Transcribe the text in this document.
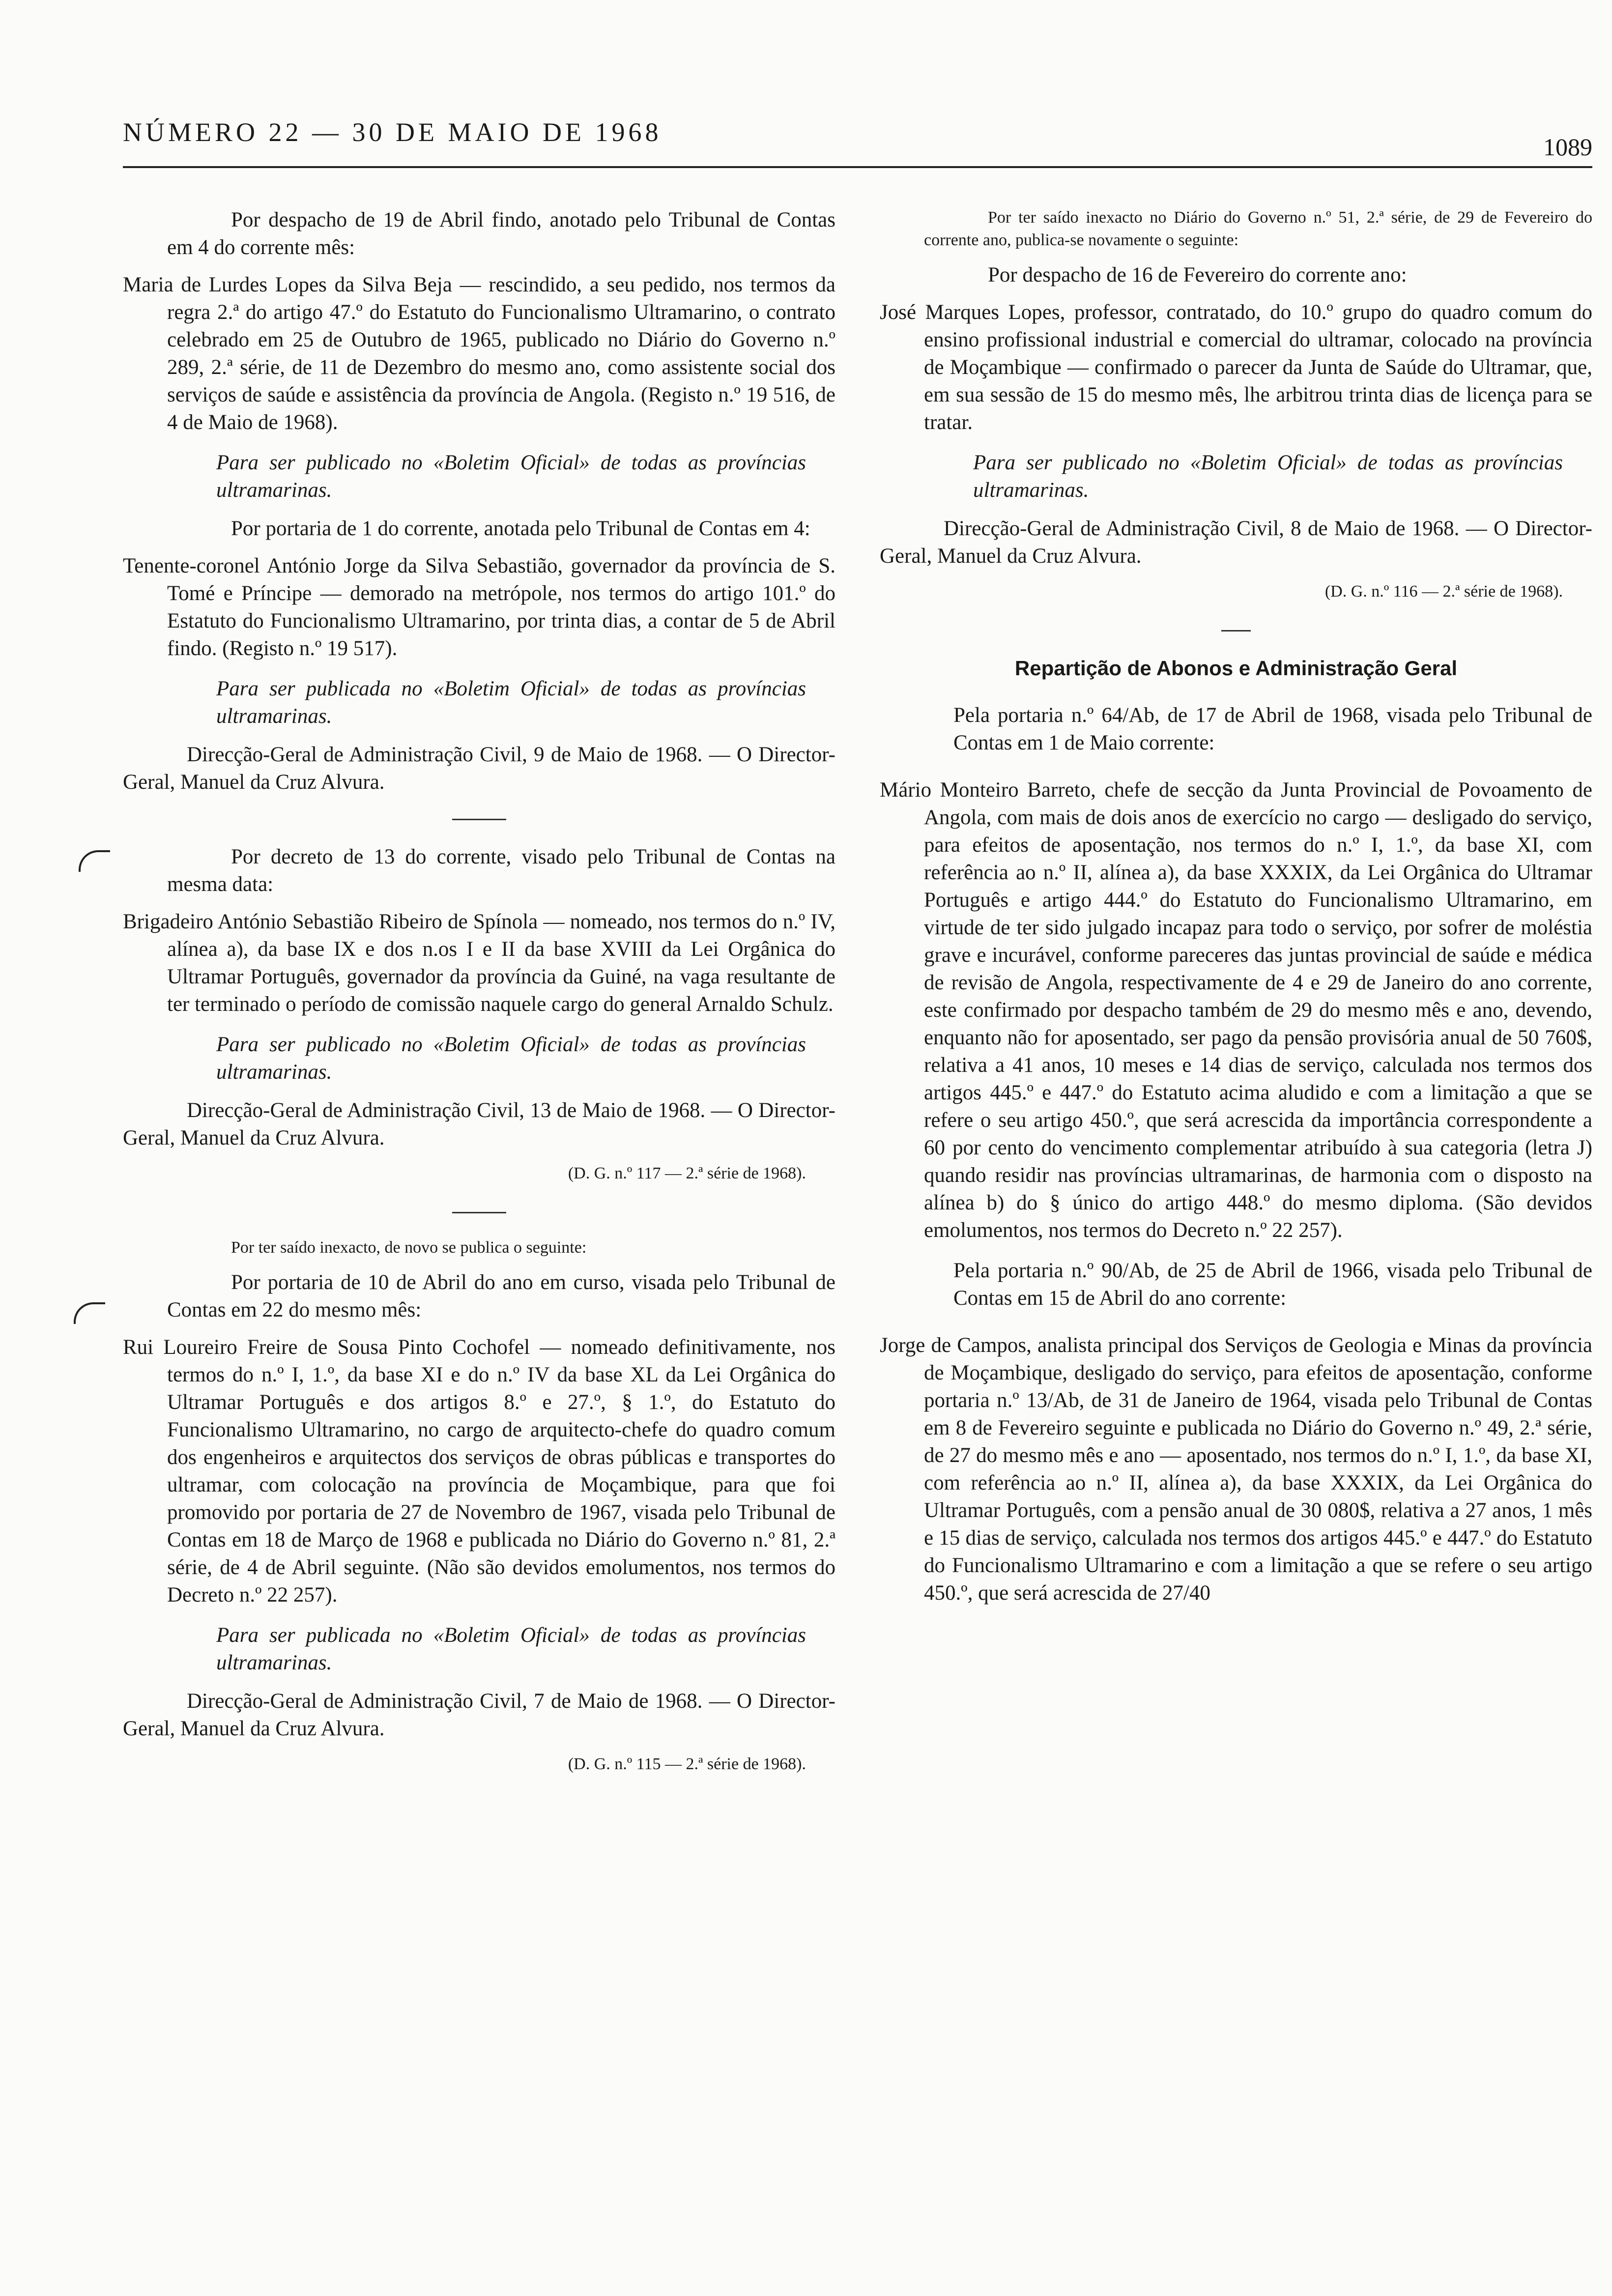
NÚMERO 22 — 30 DE MAIO DE 1968	1089

Por despacho de 19 de Abril findo, anotado pelo Tribunal de Contas em 4 do corrente mês:

Maria de Lurdes Lopes da Silva Beja — rescindido, a seu pedido, nos termos da regra 2.ª do artigo 47.º do Estatuto do Funcionalismo Ultramarino, o contrato celebrado em 25 de Outubro de 1965, publicado no Diário do Governo n.º 289, 2.ª série, de 11 de Dezembro do mesmo ano, como assistente social dos serviços de saúde e assistência da província de Angola. (Registo n.º 19 516, de 4 de Maio de 1968).

Para ser publicado no «Boletim Oficial» de todas as províncias ultramarinas.

Por portaria de 1 do corrente, anotada pelo Tribunal de Contas em 4:

Tenente-coronel António Jorge da Silva Sebastião, governador da província de S. Tomé e Príncipe — demorado na metrópole, nos termos do artigo 101.º do Estatuto do Funcionalismo Ultramarino, por trinta dias, a contar de 5 de Abril findo. (Registo n.º 19 517).

Para ser publicada no «Boletim Oficial» de todas as províncias ultramarinas.

Direcção-Geral de Administração Civil, 9 de Maio de 1968. — O Director-Geral, Manuel da Cruz Alvura.

Por decreto de 13 do corrente, visado pelo Tribunal de Contas na mesma data:

Brigadeiro António Sebastião Ribeiro de Spínola — nomeado, nos termos do n.º IV, alínea a), da base IX e dos n.os I e II da base XVIII da Lei Orgânica do Ultramar Português, governador da província da Guiné, na vaga resultante de ter terminado o período de comissão naquele cargo do general Arnaldo Schulz.

Para ser publicado no «Boletim Oficial» de todas as províncias ultramarinas.

Direcção-Geral de Administração Civil, 13 de Maio de 1968. — O Director-Geral, Manuel da Cruz Alvura.

(D. G. n.º 117 — 2.ª série de 1968).

Por ter saído inexacto, de novo se publica o seguinte:

Por portaria de 10 de Abril do ano em curso, visada pelo Tribunal de Contas em 22 do mesmo mês:

Rui Loureiro Freire de Sousa Pinto Cochofel — nomeado definitivamente, nos termos do n.º I, 1.º, da base XI e do n.º IV da base XL da Lei Orgânica do Ultramar Português e dos artigos 8.º e 27.º, § 1.º, do Estatuto do Funcionalismo Ultramarino, no cargo de arquitecto-chefe do quadro comum dos engenheiros e arquitectos dos serviços de obras públicas e transportes do ultramar, com colocação na província de Moçambique, para que foi promovido por portaria de 27 de Novembro de 1967, visada pelo Tribunal de Contas em 18 de Março de 1968 e publicada no Diário do Governo n.º 81, 2.ª série, de 4 de Abril seguinte. (Não são devidos emolumentos, nos termos do Decreto n.º 22 257).

Para ser publicada no «Boletim Oficial» de todas as províncias ultramarinas.

Direcção-Geral de Administração Civil, 7 de Maio de 1968. — O Director-Geral, Manuel da Cruz Alvura.

(D. G. n.º 115 — 2.ª série de 1968).

Por ter saído inexacto no Diário do Governo n.º 51, 2.ª série, de 29 de Fevereiro do corrente ano, publica-se novamente o seguinte:

Por despacho de 16 de Fevereiro do corrente ano:

José Marques Lopes, professor, contratado, do 10.º grupo do quadro comum do ensino profissional industrial e comercial do ultramar, colocado na província de Moçambique — confirmado o parecer da Junta de Saúde do Ultramar, que, em sua sessão de 15 do mesmo mês, lhe arbitrou trinta dias de licença para se tratar.

Para ser publicado no «Boletim Oficial» de todas as províncias ultramarinas.

Direcção-Geral de Administração Civil, 8 de Maio de 1968. — O Director-Geral, Manuel da Cruz Alvura.

(D. G. n.º 116 — 2.ª série de 1968).

Repartição de Abonos e Administração Geral

Pela portaria n.º 64/Ab, de 17 de Abril de 1968, visada pelo Tribunal de Contas em 1 de Maio corrente:

Mário Monteiro Barreto, chefe de secção da Junta Provincial de Povoamento de Angola, com mais de dois anos de exercício no cargo — desligado do serviço, para efeitos de aposentação, nos termos do n.º I, 1.º, da base XI, com referência ao n.º II, alínea a), da base XXXIX, da Lei Orgânica do Ultramar Português e artigo 444.º do Estatuto do Funcionalismo Ultramarino, em virtude de ter sido julgado incapaz para todo o serviço, por sofrer de moléstia grave e incurável, conforme pareceres das juntas provincial de saúde e médica de revisão de Angola, respectivamente de 4 e 29 de Janeiro do ano corrente, este confirmado por despacho também de 29 do mesmo mês e ano, devendo, enquanto não for aposentado, ser pago da pensão provisória anual de 50 760$, relativa a 41 anos, 10 meses e 14 dias de serviço, calculada nos termos dos artigos 445.º e 447.º do Estatuto acima aludido e com a limitação a que se refere o seu artigo 450.º, que será acrescida da importância correspondente a 60 por cento do vencimento complementar atribuído à sua categoria (letra J) quando residir nas províncias ultramarinas, de harmonia com o disposto na alínea b) do § único do artigo 448.º do mesmo diploma. (São devidos emolumentos, nos termos do Decreto n.º 22 257).

Pela portaria n.º 90/Ab, de 25 de Abril de 1966, visada pelo Tribunal de Contas em 15 de Abril do ano corrente:

Jorge de Campos, analista principal dos Serviços de Geologia e Minas da província de Moçambique, desligado do serviço, para efeitos de aposentação, conforme portaria n.º 13/Ab, de 31 de Janeiro de 1964, visada pelo Tribunal de Contas em 8 de Fevereiro seguinte e publicada no Diário do Governo n.º 49, 2.ª série, de 27 do mesmo mês e ano — aposentado, nos termos do n.º I, 1.º, da base XI, com referência ao n.º II, alínea a), da base XXXIX, da Lei Orgânica do Ultramar Português, com a pensão anual de 30 080$, relativa a 27 anos, 1 mês e 15 dias de serviço, calculada nos termos dos artigos 445.º e 447.º do Estatuto do Funcionalismo Ultramarino e com a limitação a que se refere o seu artigo 450.º, que será acrescida de 27/40
